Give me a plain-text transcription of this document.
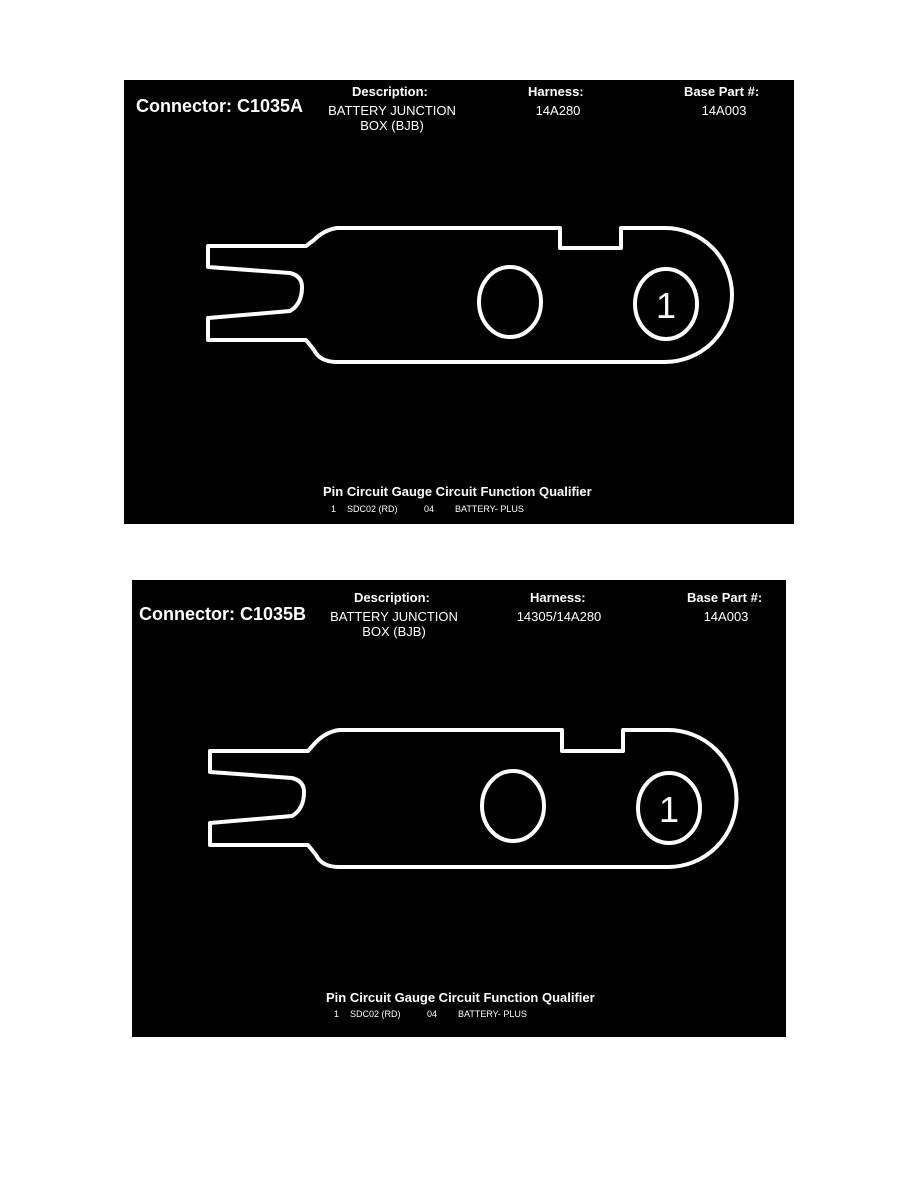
Connector: C1035A
Description:
BATTERY JUNCTION
BOX (BJB)
Harness:
14A280
Base Part #:
14A003
1
Pin Circuit Gauge Circuit Function Qualifier
1 SDC02 (RD)	04 BATTERY- PLUS
Connector: C1035B
Description:
BATTERY JUNCTION
BOX (BJB)
Harness:
14305/14A280
Base Part #:
14A003
1
Pin Circuit Gauge Circuit Function Qualifier
1 SDC02 (RD)	04 BATTERY- PLUS
